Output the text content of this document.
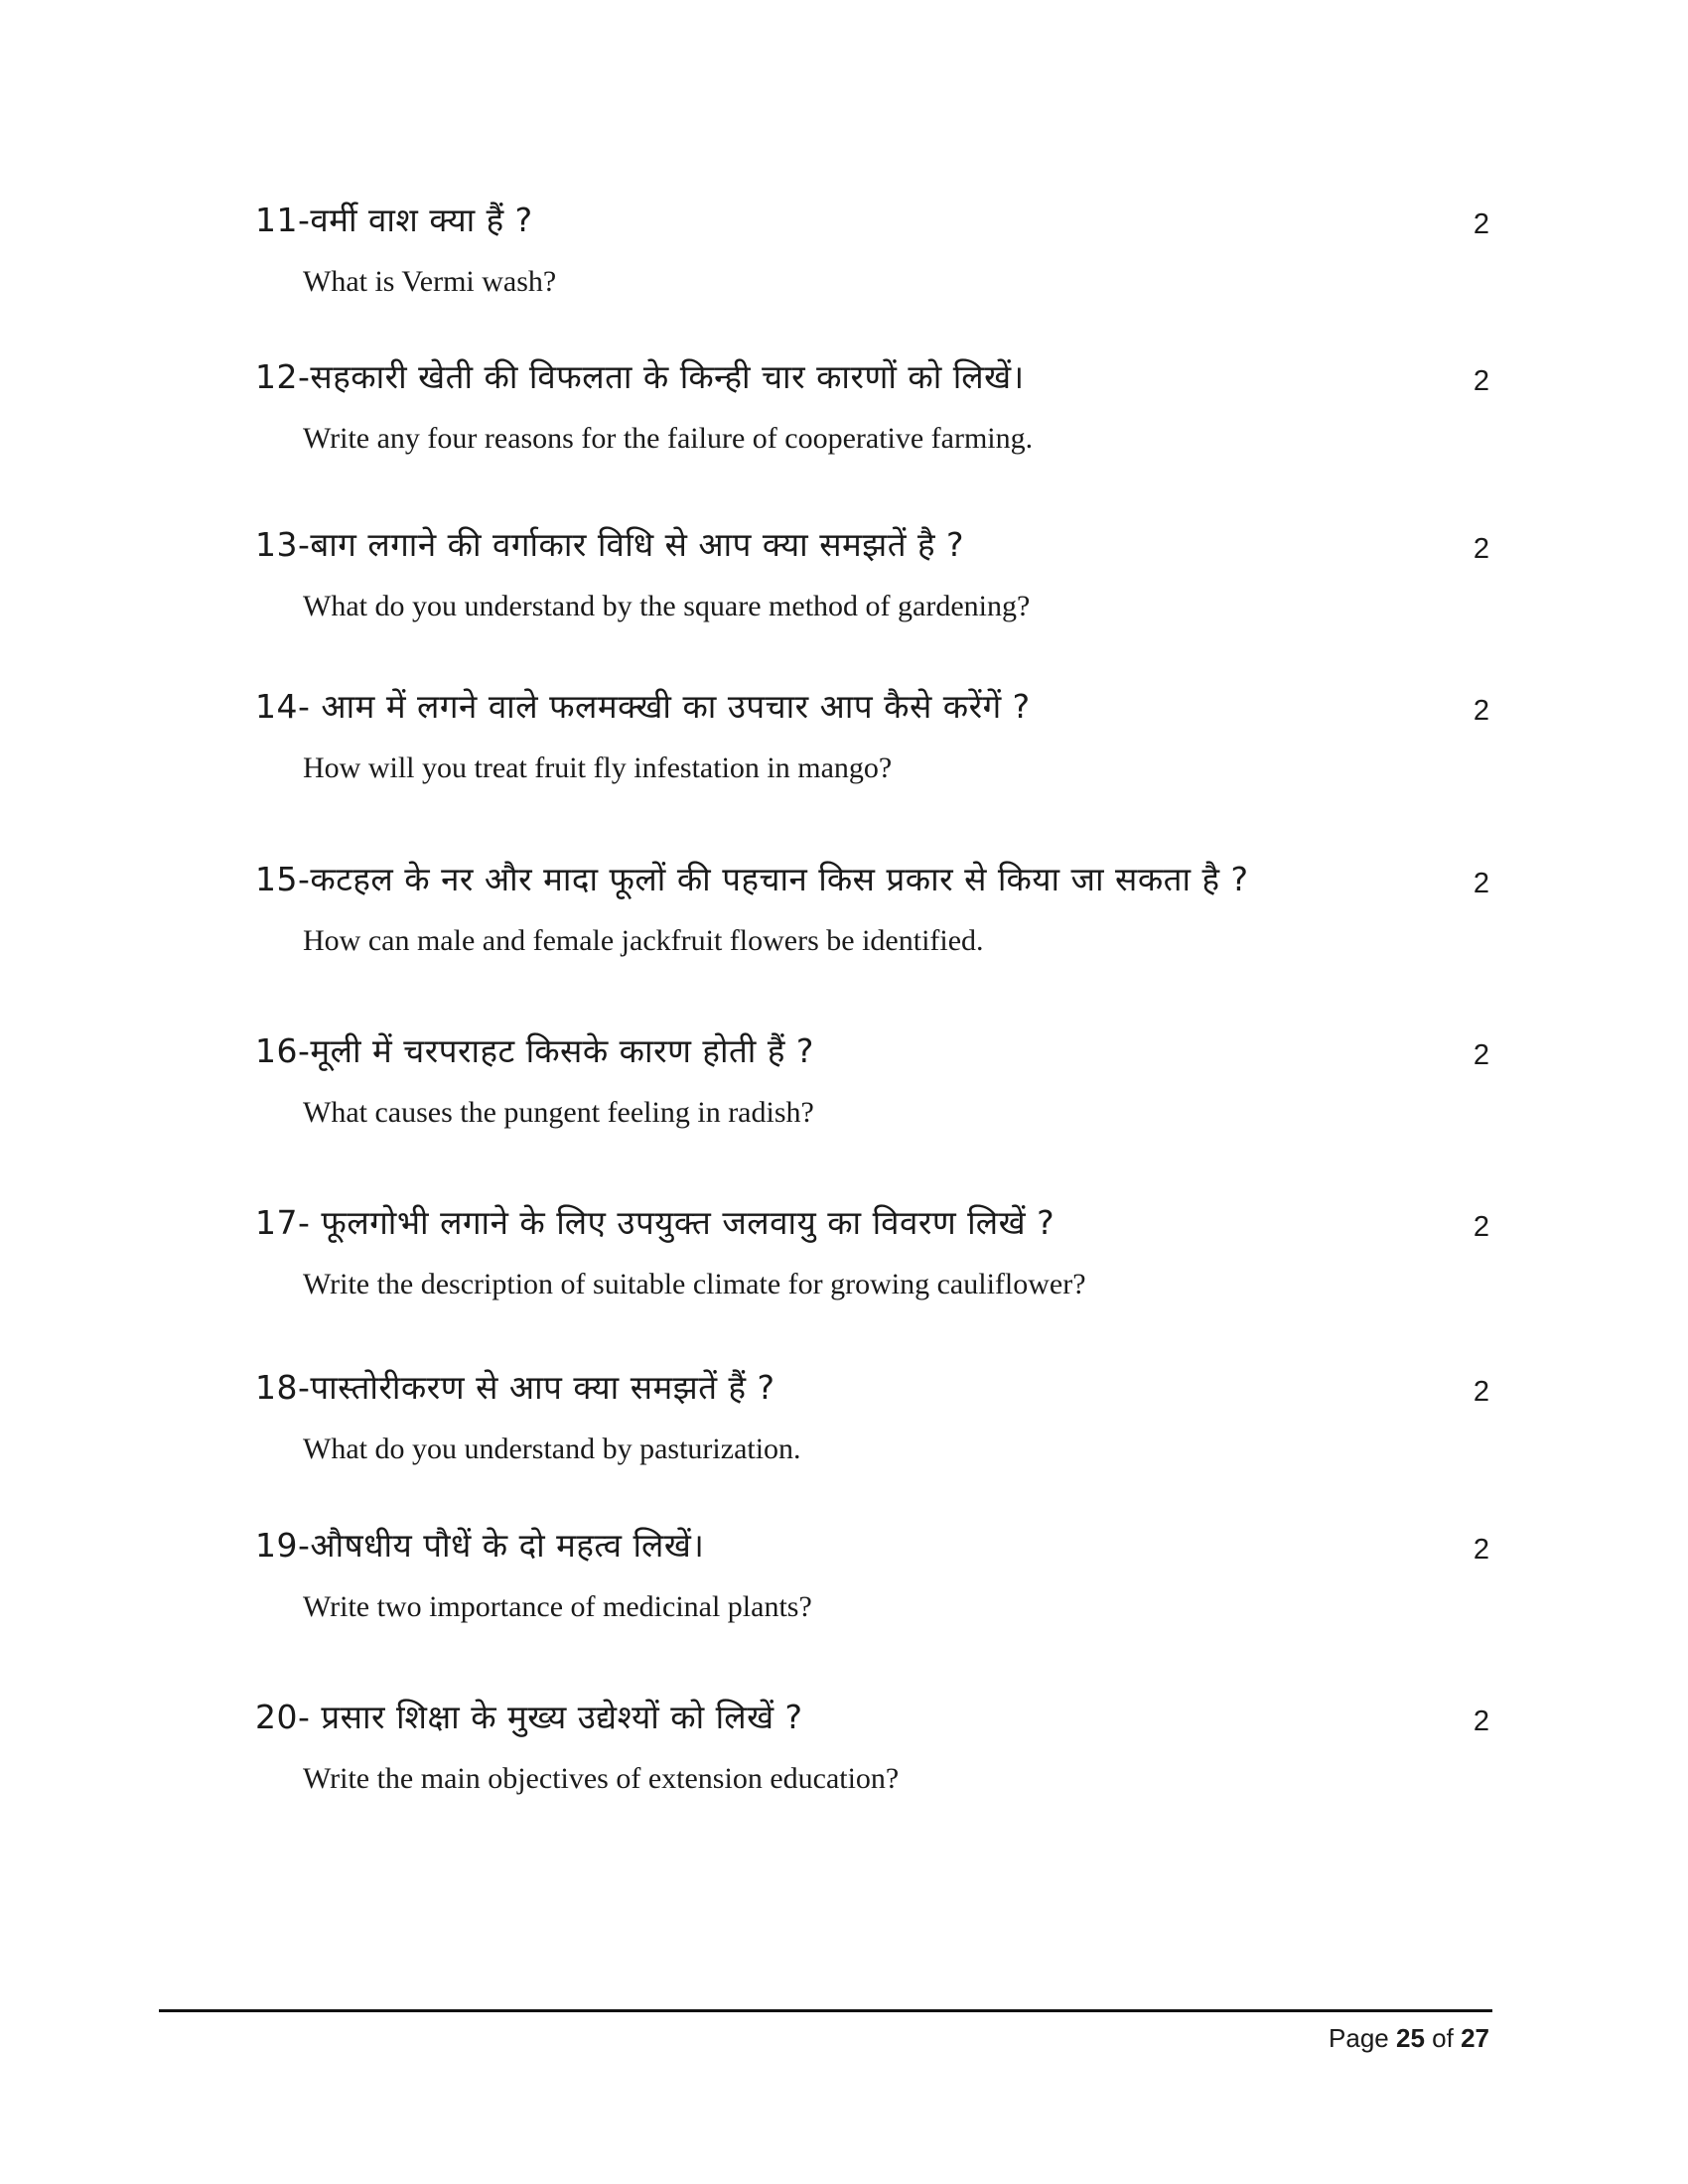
11-वर्मी वाश क्या हैं ?	2
What is Vermi wash?
12-सहकारी खेती की विफलता के किन्ही चार कारणों को लिखें।	2
Write any four reasons for the failure of cooperative farming.
13-बाग लगाने की वर्गाकार विधि से आप क्या समझतें है ?	2
What do you understand by the square method of gardening?
14- आम में लगने वाले फलमक्खी का उपचार आप कैसे करेंगें ?	2
How will you treat fruit fly infestation in mango?
15-कटहल के नर और मादा फूलों की पहचान किस प्रकार से किया जा सकता है ?	2
How can male and female jackfruit flowers be identified.
16-मूली में चरपराहट किसके कारण होती हैं ?	2
What causes the pungent feeling in radish?
17- फूलगोभी लगाने के लिए उपयुक्त जलवायु का विवरण लिखें ?	2
Write the description of suitable climate for growing cauliflower?
18-पास्तोरीकरण से आप क्या समझतें हैं ?	2
What do you understand by pasturization.
19-औषधीय पौधें के दो महत्व लिखें।	2
Write two importance of medicinal plants?
20- प्रसार शिक्षा के मुख्य उद्येश्यों को लिखें ?	2
Write the main objectives of extension education?
Page 25 of 27
